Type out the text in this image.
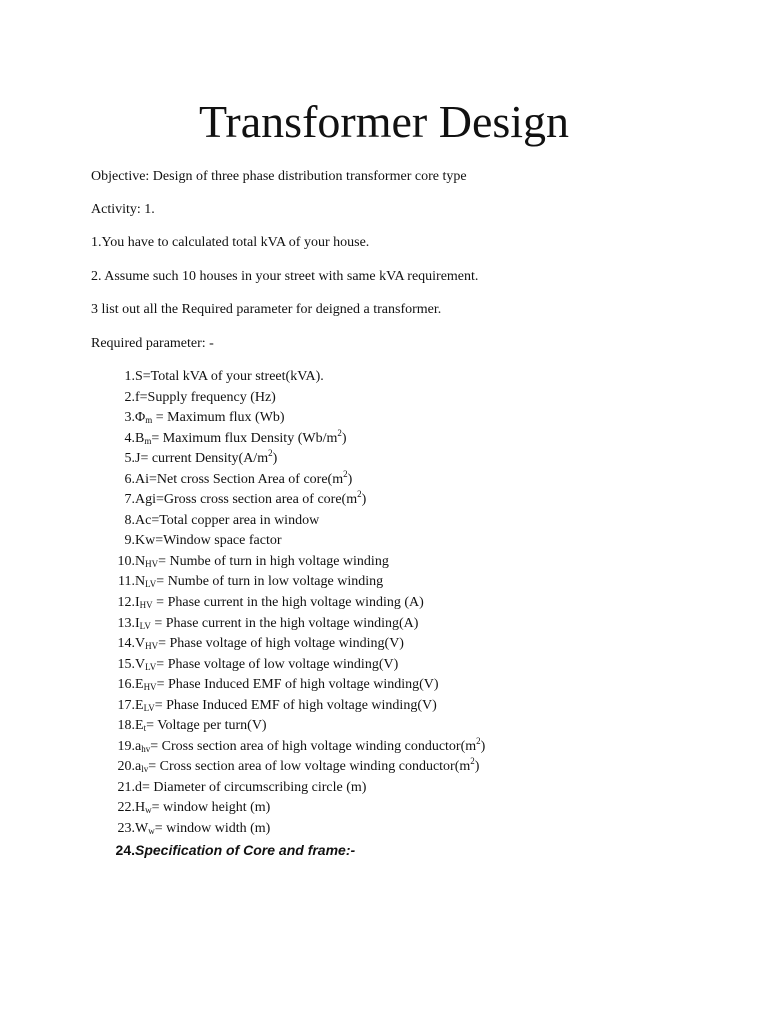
Transformer Design

Objective: Design of three phase distribution transformer core type

Activity: 1.

1.You have to calculated total kVA of your house.

2. Assume such 10 houses in your street with same kVA requirement.

3 list out all the Required parameter for deigned a transformer.

Required parameter: -

1. S=Total kVA of your street(kVA).
2. f=Supply frequency (Hz)
3. $\Phi_m$ = Maximum flux (Wb)
4. $B_m=$ Maximum flux Density $(Wb/m^2)$
5. J= current $Density(A/m^2)$
6. Ai=Net cross Section Area of $core(m^2)$
7. Agi=Gross cross section area of $core(m^2)$
8. Ac=Total copper area in window
9. Kw=Window space factor
10. $N_{HV}=$ Numbe of turn in high voltage winding
11. $N_{LV}=$ Numbe of turn in low voltage winding
12. $I_{HV}$ = Phase current in the high voltage winding (A)
13. $I_{LV}$ = Phase current in the high voltage winding(A)
14. $V_{HV}=$ Phase voltage of high voltage winding(V)
15. $V_{LV}=$ Phase voltage of low voltage winding(V)
16. $E_{HV}=$ Phase Induced EMF of high voltage winding(V)
17. $E_{LV}=$ Phase Induced EMF of high voltage winding(V)
18. $E_t=$ Voltage per turn(V)
19. $a_{hv}=$ Cross section area of high voltage winding $conductor(m^2)$
20. $a_{lv}=$ Cross section area of low voltage winding $conductor(m^2)$
21. d= Diameter of circumscribing circle (m)
22. $H_w=$ window height (m)
23. $W_w=$ window width (m)
24. Specification of Core and frame:-
